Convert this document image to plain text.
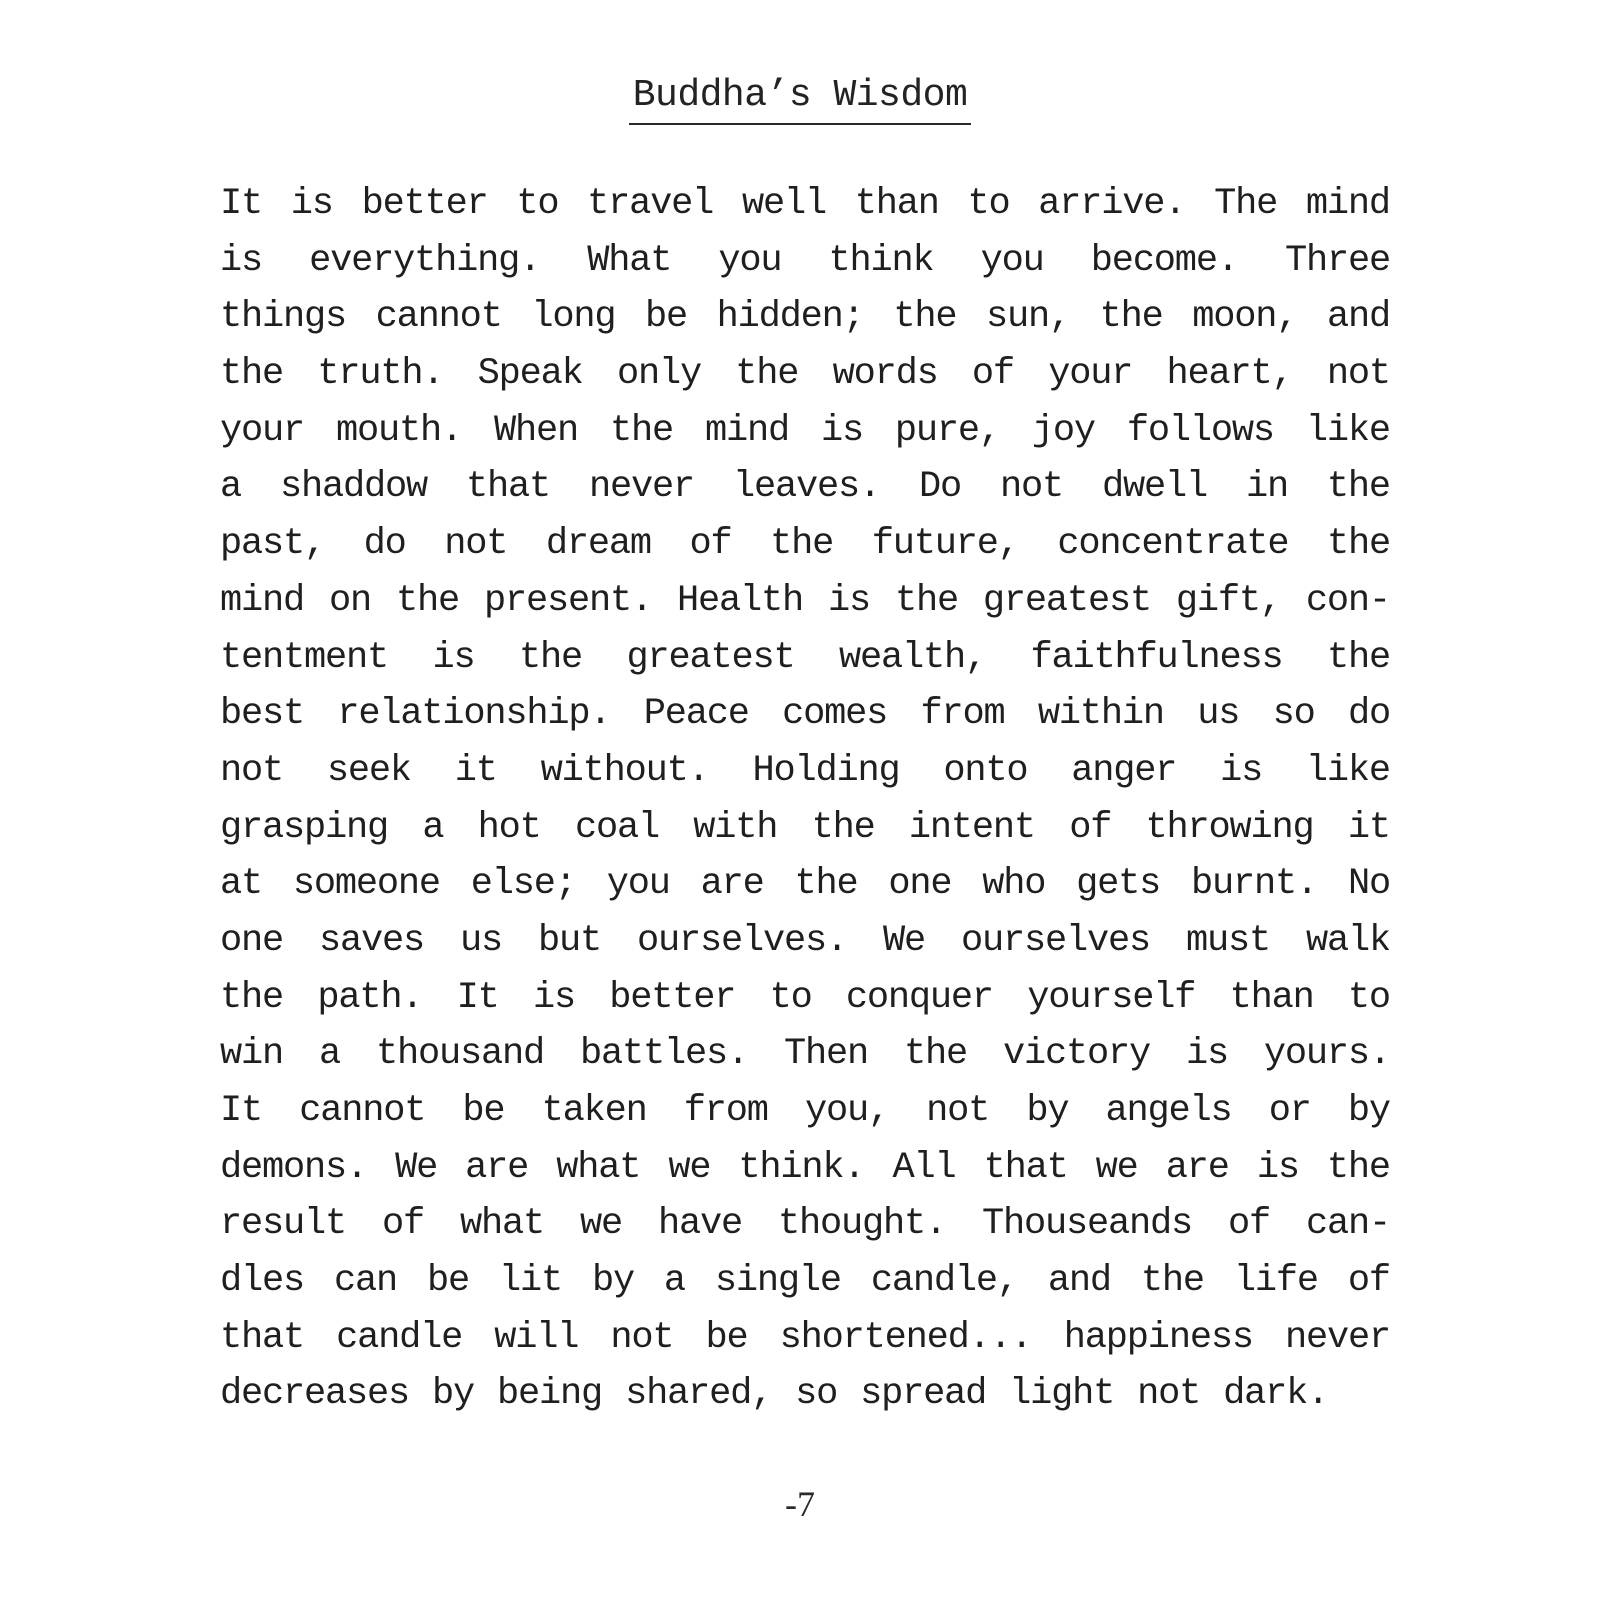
Buddha’s Wisdom
It is better to travel well than to arrive. The mind
is everything. What you think you become. Three
things cannot long be hidden; the sun, the moon, and
the truth. Speak only the words of your heart, not
your mouth. When the mind is pure, joy follows like
a shaddow that never leaves. Do not dwell in the
past, do not dream of the future, concentrate the
mind on the present. Health is the greatest gift, con-
tentment is the greatest wealth, faithfulness the
best relationship. Peace comes from within us so do
not seek it without. Holding onto anger is like
grasping a hot coal with the intent of throwing it
at someone else; you are the one who gets burnt. No
one saves us but ourselves. We ourselves must walk
the path. It is better to conquer yourself than to
win a thousand battles. Then the victory is yours.
It cannot be taken from you, not by angels or by
demons. We are what we think. All that we are is the
result of what we have thought. Thouseands of can-
dles can be lit by a single candle, and the life of
that candle will not be shortened... happiness never
decreases by being shared, so spread light not dark.
-7
